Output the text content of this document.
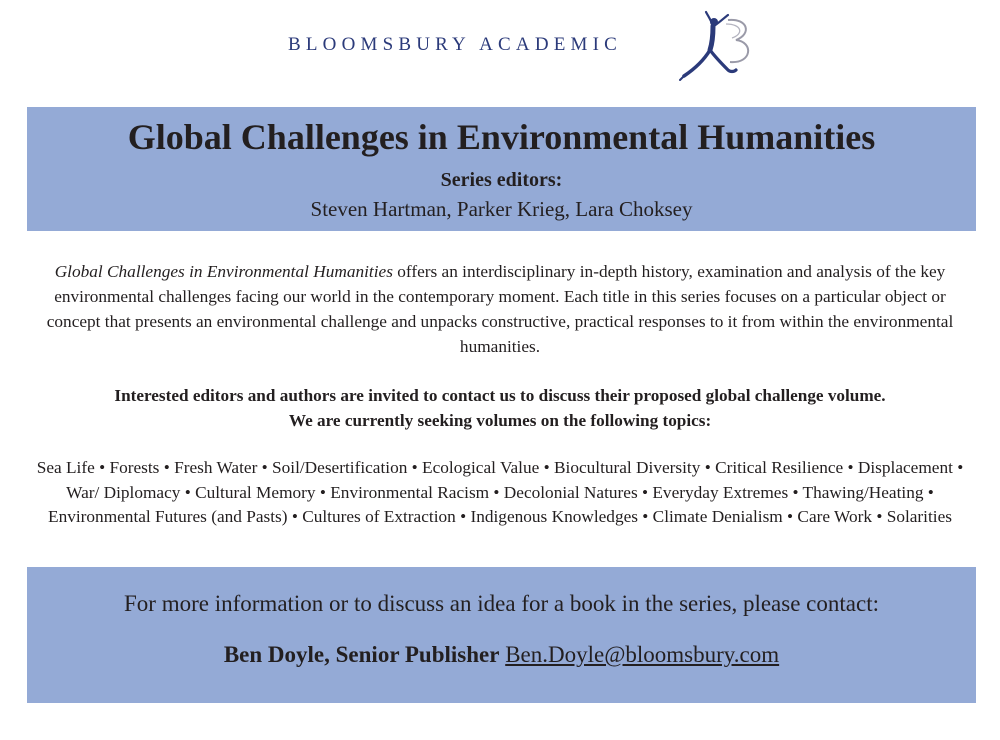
BLOOMSBURY ACADEMIC
Global Challenges in Environmental Humanities
Series editors:
Steven Hartman, Parker Krieg, Lara Choksey

Global Challenges in Environmental Humanities offers an interdisciplinary in-depth history, examination and analysis of the key environmental challenges facing our world in the contemporary moment. Each title in this series focuses on a particular object or concept that presents an environmental challenge and unpacks constructive, practical responses to it from within the environmental humanities.

Interested editors and authors are invited to contact us to discuss their proposed global challenge volume.
We are currently seeking volumes on the following topics:

Sea Life • Forests • Fresh Water • Soil/Desertification • Ecological Value • Biocultural Diversity • Critical Resilience • Displacement • War/ Diplomacy • Cultural Memory • Environmental Racism • Decolonial Natures • Everyday Extremes • Thawing/Heating • Environmental Futures (and Pasts) • Cultures of Extraction • Indigenous Knowledges • Climate Denialism • Care Work • Solarities

For more information or to discuss an idea for a book in the series, please contact:
Ben Doyle, Senior Publisher Ben.Doyle@bloomsbury.com
